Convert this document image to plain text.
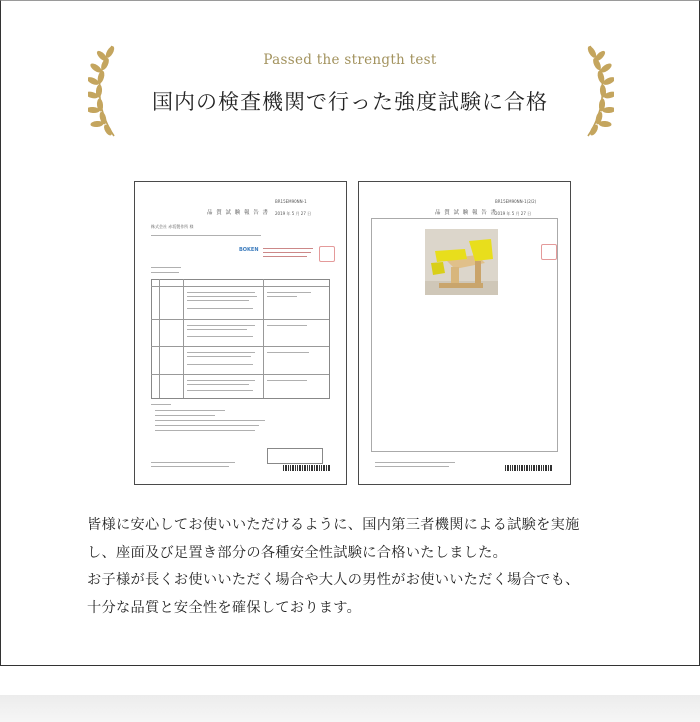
Passed the strength test
国内の検査機関で行った強度試験に合格
品 質 試 験 報 告 書
BR15EM90NN-1
2019 年 5 月 27 日
株式会社 赤坂製作所 様
BOKEN
品 質 試 験 報 告 書
BR15EM90NN-1(2/2)
2019 年 5 月 27 日
皆様に安心してお使いいただけるように、国内第三者機関による試験を実施
し、座面及び足置き部分の各種安全性試験に合格いたしました。
お子様が長くお使いいただく場合や大人の男性がお使いいただく場合でも、
十分な品質と安全性を確保しております。
